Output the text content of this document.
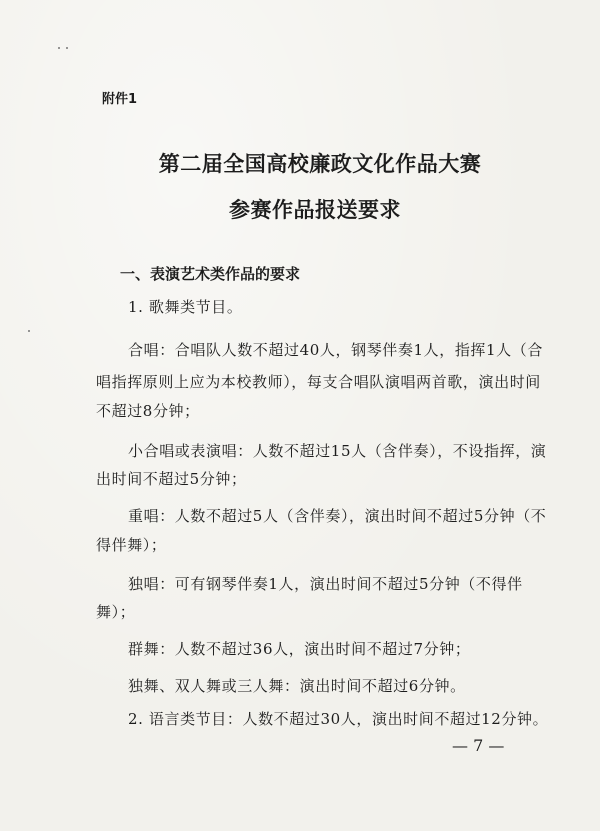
附件1
第二届全国高校廉政文化作品大赛
参赛作品报送要求
一、表演艺术类作品的要求
1. 歌舞类节目。
合唱：合唱队人数不超过40人，钢琴伴奏1人，指挥1人（合
唱指挥原则上应为本校教师），每支合唱队演唱两首歌，演出时间
不超过8分钟；
小合唱或表演唱：人数不超过15人（含伴奏），不设指挥，演
出时间不超过5分钟；
重唱：人数不超过5人（含伴奏），演出时间不超过5分钟（不
得伴舞）；
独唱：可有钢琴伴奏1人，演出时间不超过5分钟（不得伴
舞）；
群舞：人数不超过36人，演出时间不超过7分钟；
独舞、双人舞或三人舞：演出时间不超过6分钟。
2. 语言类节目：人数不超过30人，演出时间不超过12分钟。
— 7 —
